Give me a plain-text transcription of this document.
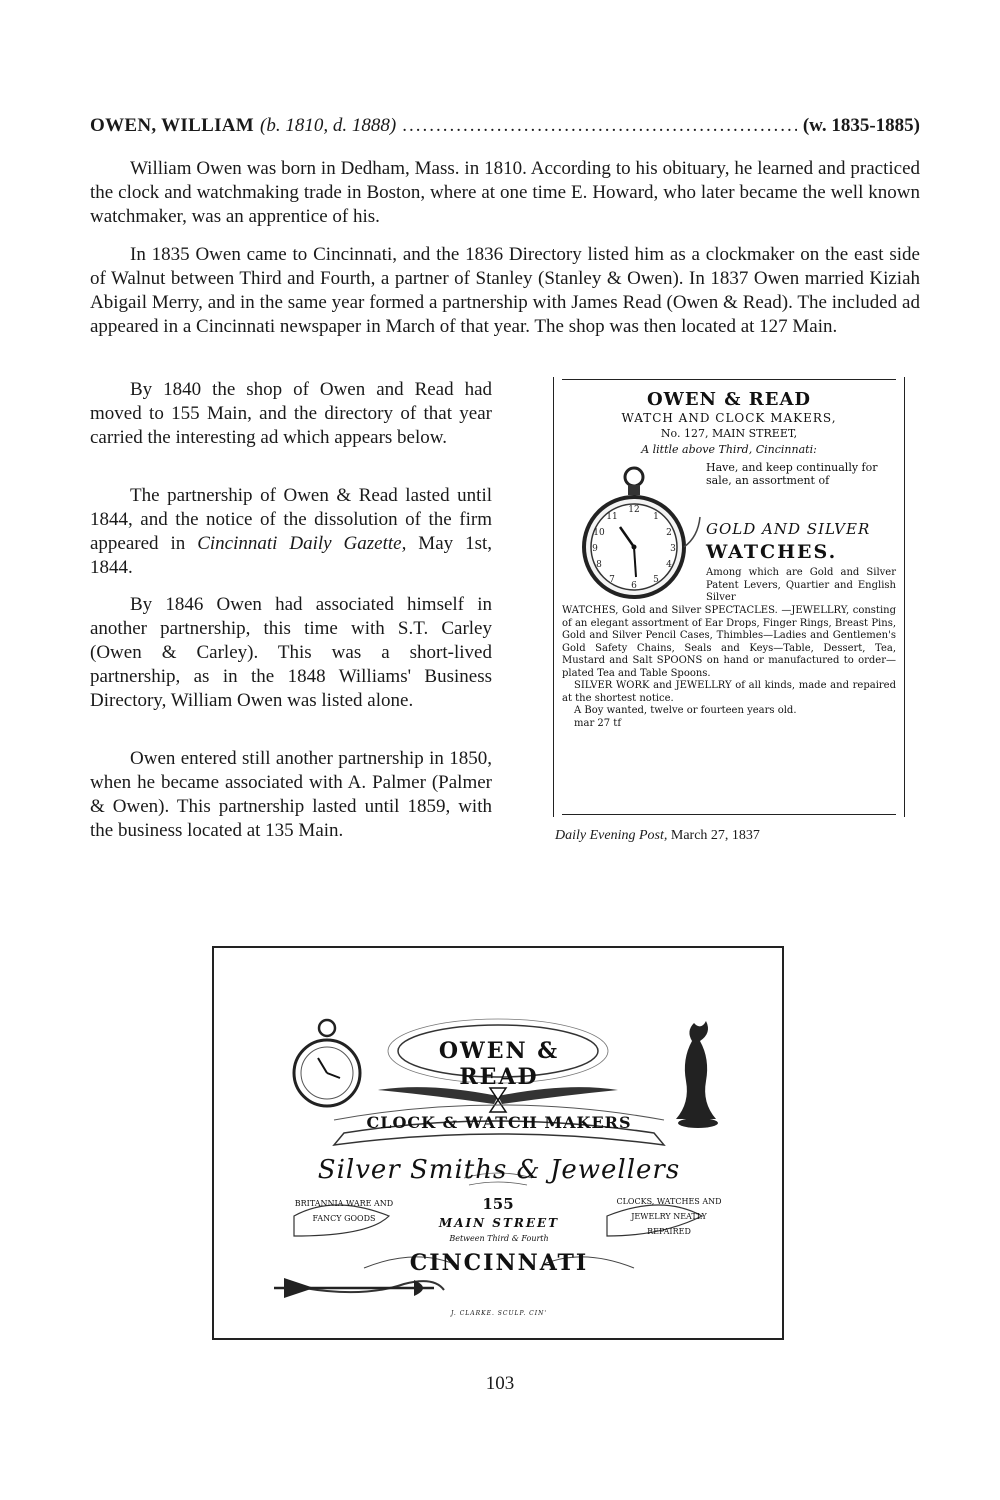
OWEN, WILLIAM (b. 1810, d. 1888)
.....	(w. 1835-1885)

William Owen was born in Dedham, Mass. in 1810. According to his obituary, he learned and practiced the clock and watchmaking trade in Boston, where at one time E. Howard, who later became the well known watchmaker, was an apprentice of his.

In 1835 Owen came to Cincinnati, and the 1836 Directory listed him as a clockmaker on the east side of Walnut between Third and Fourth, a partner of Stanley (Stanley & Owen). In 1837 Owen married Kiziah Abigail Merry, and in the same year formed a partnership with James Read (Owen & Read). The included ad appeared in a Cincinnati newspaper in March of that year. The shop was then located at 127 Main.

By 1840 the shop of Owen and Read had moved to 155 Main, and the directory of that year carried the interesting ad which appears below.

The partnership of Owen & Read lasted until 1844, and the notice of the dissolution of the firm appeared in Cincinnati Daily Gazette, May 1st, 1844.

By 1846 Owen had associated himself in another partnership, this time with S.T. Carley (Owen & Carley). This was a short-lived partnership, as in the 1848 Williams' Business Directory, William Owen was listed alone.

Owen entered still another partnership in 1850, when he became associated with A. Palmer (Palmer & Owen). This partnership lasted until 1859, with the business located at 135 Main.

OWEN & READ
WATCH AND CLOCK MAKERS,
No. 127, MAIN STREET,
A little above Third, Cincinnati:
12
1
2
3
4
5
6
7
8
9
10
11
Have, and keep continually for sale, an assortment of
GOLD AND SILVER
WATCHES.
Among which are Gold and Silver Patent Levers, Quartier and English Silver

WATCHES, Gold and Silver SPECTACLES. —JEWELLRY, consting of an elegant assortment of Ear Drops, Finger Rings, Breast Pins, Gold and Silver Pencil Cases, Thimbles—Ladies and Gentlemen's Gold Safety Chains, Seals and Keys—Table, Dessert, Tea, Mustard and Salt SPOONS on hand or manufactured to order—plated Tea and Table Spoons.

SILVER WORK and JEWELLRY of all kinds, made and repaired at the shortest notice.

A Boy wanted, twelve or fourteen years old.

mar 27 tf

Daily Evening Post, March 27, 1837
OWEN & READ
CLOCK & WATCH MAKERS
Silver Smiths & Jewellers
155
MAIN STREET
Between Third & Fourth
CINCINNATI
BRITANNIA WARE AND FANCY GOODS
CLOCKS, WATCHES AND JEWELRY NEATLY REPAIRED
J. CLARKE. SCULP. CIN'
103
